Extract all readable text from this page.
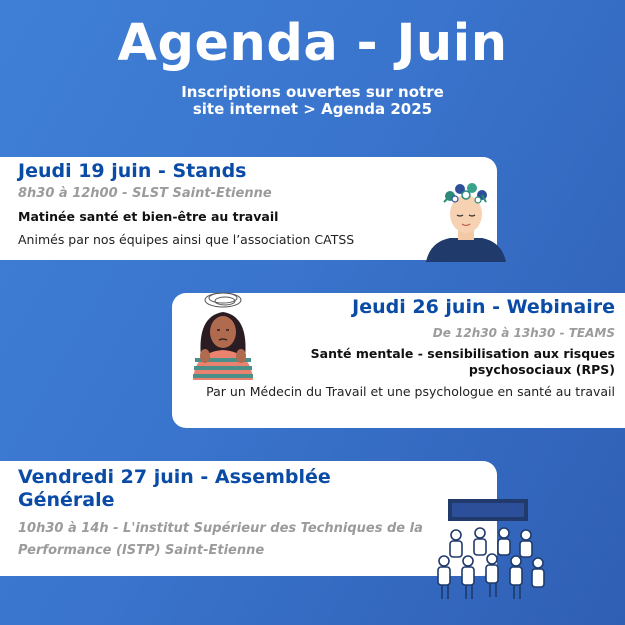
Agenda - Juin
Inscriptions ouvertes sur notre
site internet > Agenda 2025
Jeudi 19 juin - Stands
8h30 à 12h00 - SLST Saint-Etienne
Matinée santé et bien-être au travail
Animés par nos équipes ainsi que l’association CATSS
Jeudi 26 juin - Webinaire
De 12h30 à 13h30 - TEAMS
Santé mentale - sensibilisation aux risques psychosociaux (RPS)
Par un Médecin du Travail et une psychologue en santé au travail
Vendredi 27 juin - Assemblée Générale
10h30 à 14h - L'institut Supérieur des Techniques de la Performance (ISTP) Saint-Etienne
